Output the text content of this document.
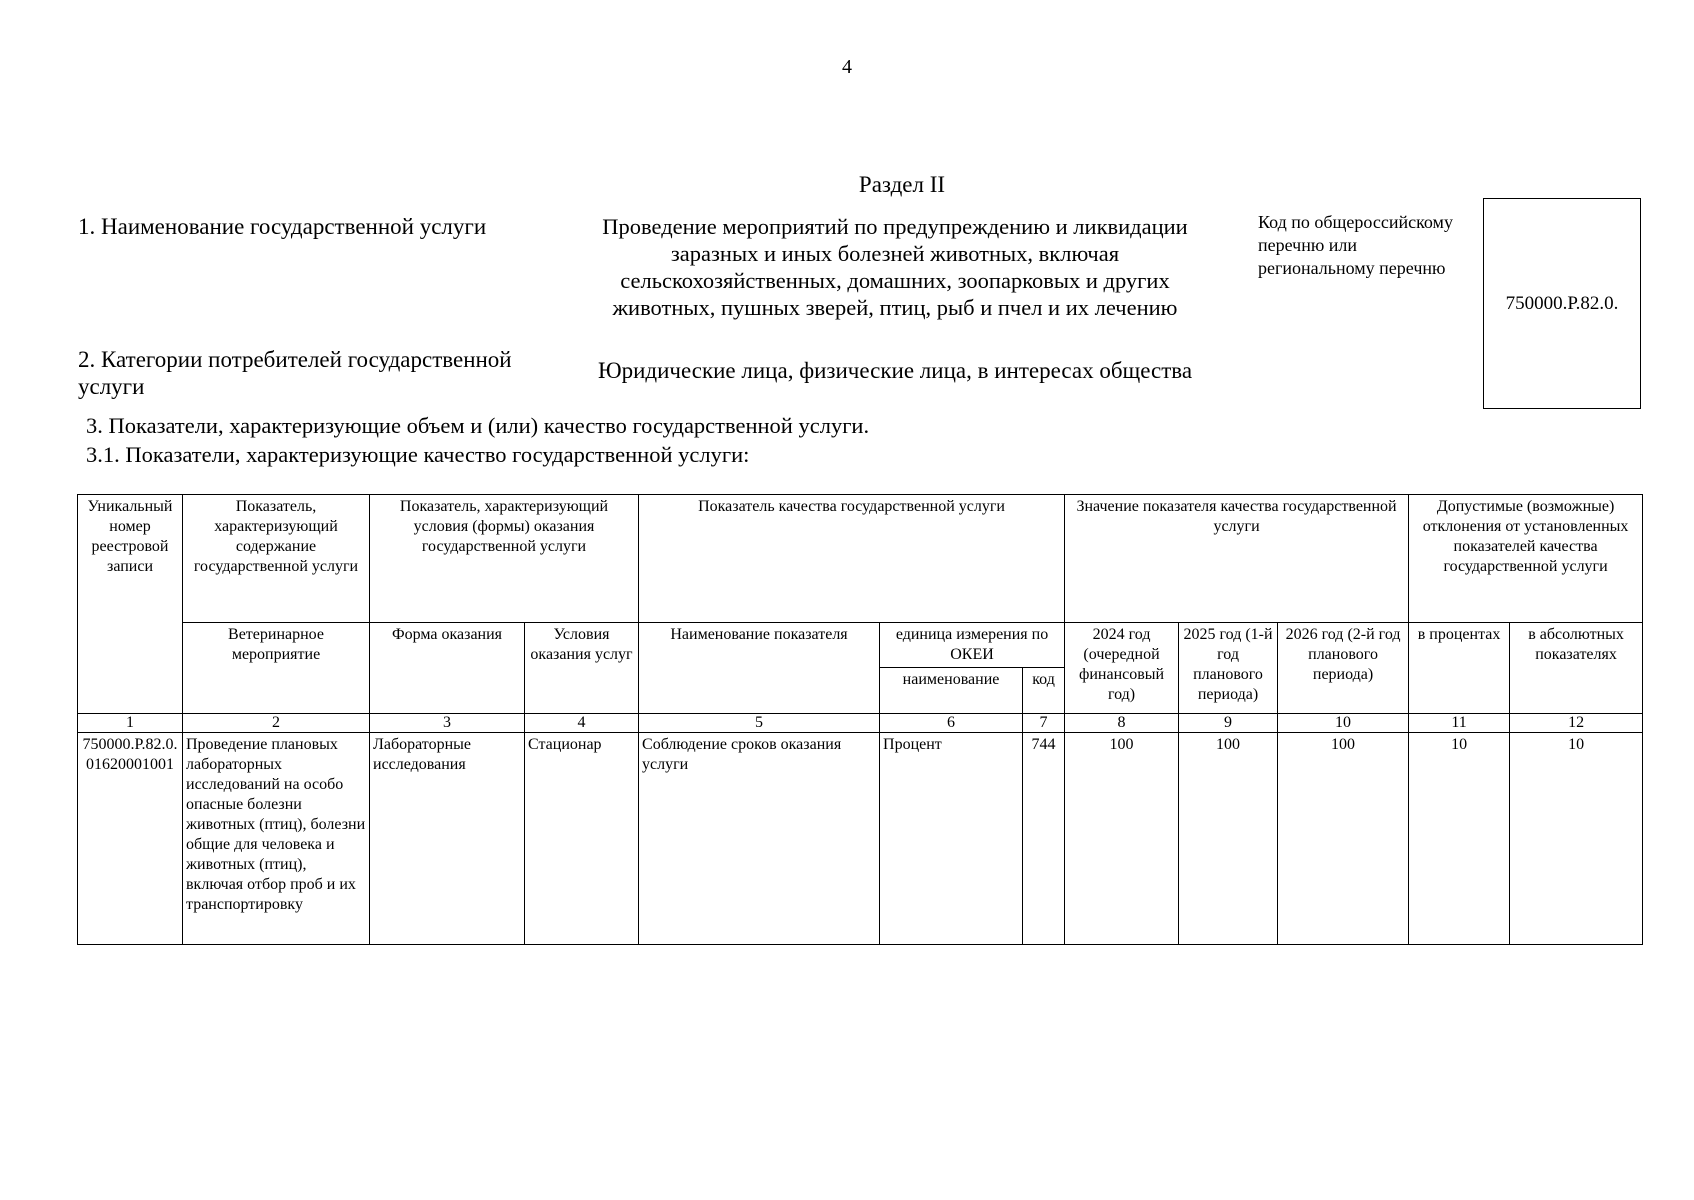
4
Раздел II
1. Наименование государственной услуги	Проведение мероприятий по предупреждению и ликвидации заразных и иных болезней животных, включая сельскохозяйственных, домашних, зоопарковых и других животных, пушных зверей, птиц, рыб и пчел и их лечению
Код по общероссийскому перечню или региональному перечню
750000.Р.82.0.
2. Категории потребителей государственной услуги
Юридические лица, физические лица, в интересах общества
3. Показатели, характеризующие объем и (или) качество государственной услуги.
3.1. Показатели, характеризующие качество государственной услуги:
Уникальный номер реестровой записи	Показатель, характеризующий содержание государственной услуги	Показатель, характеризующий условия (формы) оказания государственной услуги		Показатель качества государственной услуги			Значение показателя качества государственной услуги			Допустимые (возможные) отклонения от установленных показателей качества государственной услуги	
	Ветеринарное мероприятие	Форма оказания	Условия оказания услуг	Наименование показателя	единица измерения по ОКЕИ		2024 год (очередной финансовый год)	2025 год (1-й год планового периода)	2026 год (2-й год планового периода)	в процентах	в абсолютных показателях
					наименование	код					
1	2	3	4	5	6	7	8	9	10	11	12
750000.Р.82.0.01620001001	Проведение плановых лабораторных исследований на особо опасные болезни животных (птиц), болезни общие для человека и животных (птиц), включая отбор проб и их транспортировку	Лабораторные исследования	Стационар	Соблюдение сроков оказания услуги	Процент	744	100	100	100	10	10
